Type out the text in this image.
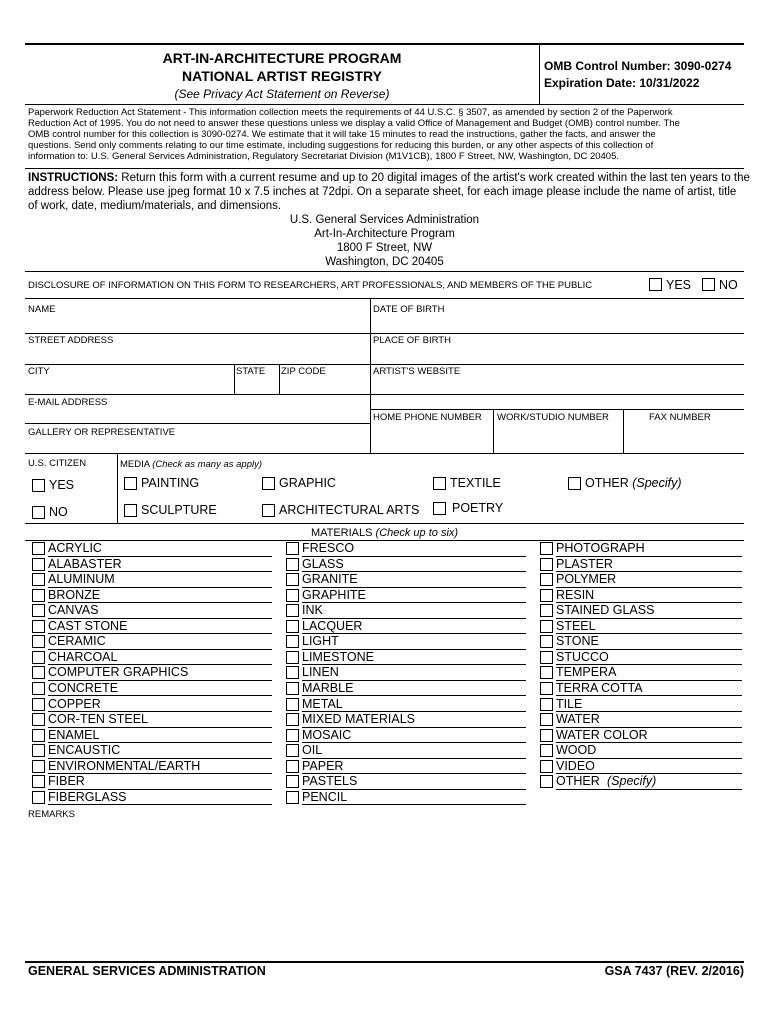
ART-IN-ARCHITECTURE PROGRAM
NATIONAL ARTIST REGISTRY
(See Privacy Act Statement on Reverse)
OMB Control Number: 3090-0274
Expiration Date: 10/31/2022
Paperwork Reduction Act Statement - This information collection meets the requirements of 44 U.S.C. § 3507, as amended by section 2 of the Paperwork
Reduction Act of 1995. You do not need to answer these questions unless we display a valid Office of Management and Budget (OMB) control number. The
OMB control number for this collection is 3090-0274. We estimate that it will take 15 minutes to read the instructions, gather the facts, and answer the
questions. Send only comments relating to our time estimate, including suggestions for reducing this burden, or any other aspects of this collection of
information to: U.S. General Services Administration, Regulatory Secretariat Division (M1V1CB), 1800 F Street, NW, Washington, DC 20405.
INSTRUCTIONS: Return this form with a current resume and up to 20 digital images of the artist's work created within the last ten years to the
address below. Please use jpeg format 10 x 7.5 inches at 72dpi. On a separate sheet, for each image please include the name of artist, title
of work, date, medium/materials, and dimensions.
U.S. General Services Administration
Art-In-Architecture Program
1800 F Street, NW
Washington, DC 20405
DISCLOSURE OF INFORMATION ON THIS FORM TO RESEARCHERS, ART PROFESSIONALS, AND MEMBERS OF THE PUBLIC	YES NO
NAME	DATE OF BIRTH
STREET ADDRESS	PLACE OF BIRTH
CITY	STATE ZIP CODE	ARTIST'S WEBSITE
E-MAIL ADDRESS
HOME PHONE NUMBER WORK/STUDIO NUMBER	FAX NUMBER
GALLERY OR REPRESENTATIVE
U.S. CITIZEN	MEDIA (Check as many as apply)
YES
NO
PAINTING	GRAPHIC	TEXTILE	OTHER (Specify)
SCULPTURE	ARCHITECTURAL ARTS	POETRY
MATERIALS (Check up to six)
ACRYLIC
ALABASTER
ALUMINUM
BRONZE
CANVAS
CAST STONE
CERAMIC
CHARCOAL
COMPUTER GRAPHICS
CONCRETE
COPPER
COR-TEN STEEL
ENAMEL
ENCAUSTIC
ENVIRONMENTAL/EARTH
FIBER
FIBERGLASS
FRESCO
GLASS
GRANITE
GRAPHITE
INK
LACQUER
LIGHT
LIMESTONE
LINEN
MARBLE
METAL
MIXED MATERIALS
MOSAIC
OIL
PAPER
PASTELS
PENCIL
PHOTOGRAPH
PLASTER
POLYMER
RESIN
STAINED GLASS
STEEL
STONE
STUCCO
TEMPERA
TERRA COTTA
TILE
WATER
WATER COLOR
WOOD
VIDEO
OTHER (Specify)
REMARKS
GENERAL SERVICES ADMINISTRATION	GSA 7437 (REV. 2/2016)
